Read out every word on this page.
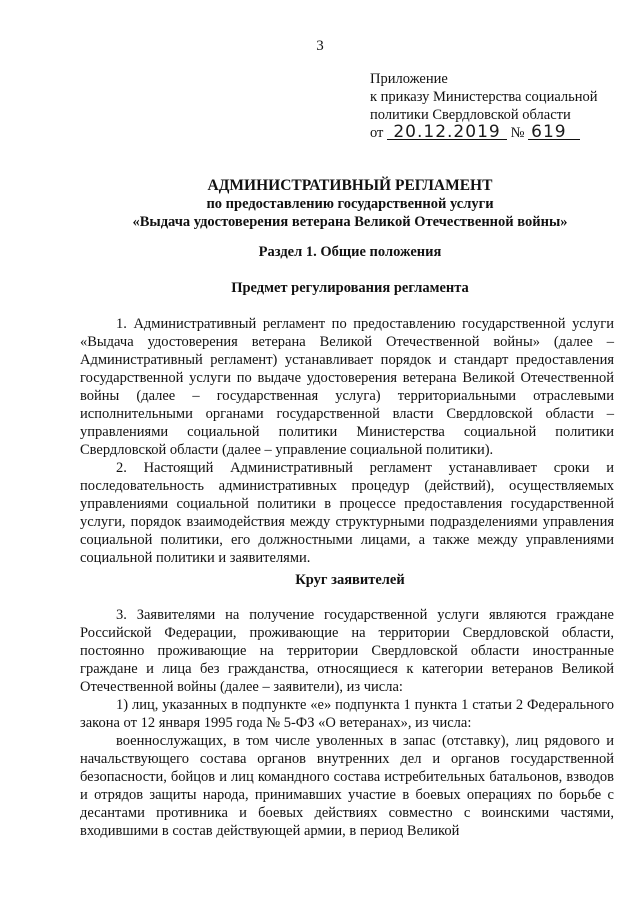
3
Приложение
к приказу Министерства социальной
политики Свердловской области
от 20.12.2019 № 619
АДМИНИСТРАТИВНЫЙ РЕГЛАМЕНТ
по предоставлению государственной услуги
«Выдача удостоверения ветерана Великой Отечественной войны»
Раздел 1. Общие положения
Предмет регулирования регламента

1. Административный регламент по предоставлению государственной услуги «Выдача удостоверения ветерана Великой Отечественной войны» (далее – Административный регламент) устанавливает порядок и стандарт предоставления государственной услуги по выдаче удостоверения ветерана Великой Отечественной войны (далее – государственная услуга) территориальными отраслевыми исполнительными органами государственной власти Свердловской области – управлениями социальной политики Министерства социальной политики Свердловской области (далее – управление социальной политики).

2. Настоящий Административный регламент устанавливает сроки и последовательность административных процедур (действий), осуществляемых управлениями социальной политики в процессе предоставления государственной услуги, порядок взаимодействия между структурными подразделениями управления социальной политики, его должностными лицами, а также между управлениями социальной политики и заявителями.

Круг заявителей

3. Заявителями на получение государственной услуги являются граждане Российской Федерации, проживающие на территории Свердловской области, постоянно проживающие на территории Свердловской области иностранные граждане и лица без гражданства, относящиеся к категории ветеранов Великой Отечественной войны (далее – заявители), из числа:

1) лиц, указанных в подпункте «е» подпункта 1 пункта 1 статьи 2 Федерального закона от 12 января 1995 года № 5-ФЗ «О ветеранах», из числа:

военнослужащих, в том числе уволенных в запас (отставку), лиц рядового и начальствующего состава органов внутренних дел и органов государственной безопасности, бойцов и лиц командного состава истребительных батальонов, взводов и отрядов защиты народа, принимавших участие в боевых операциях по борьбе с десантами противника и боевых действиях совместно с воинскими частями, входившими в состав действующей армии, в период Великой
